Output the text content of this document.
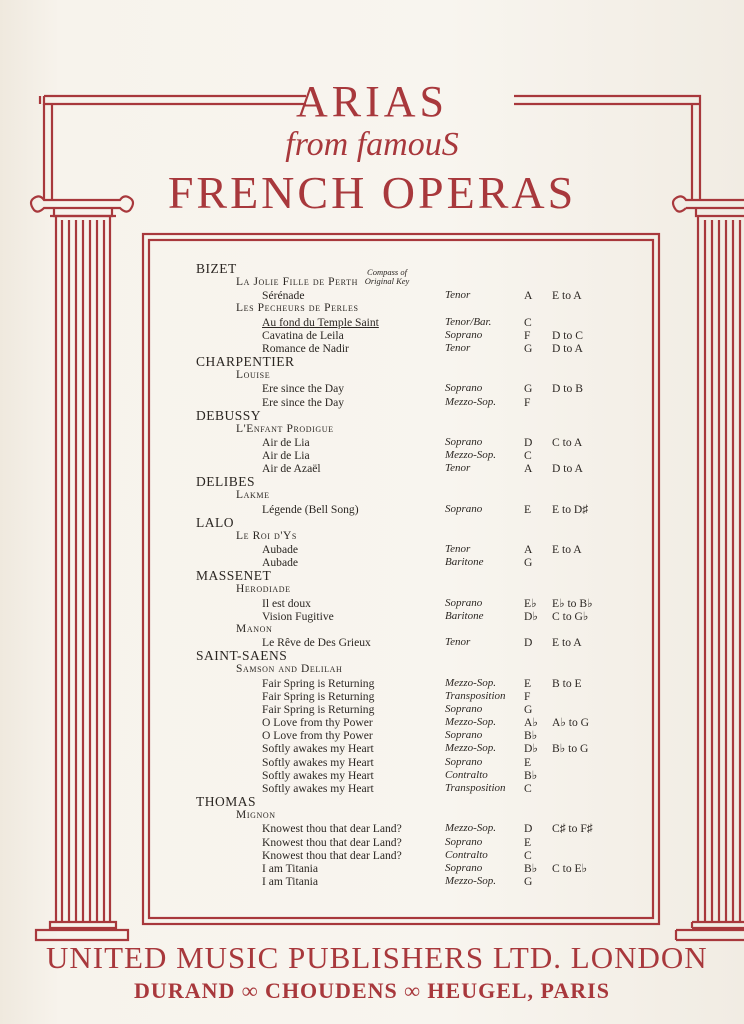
ARIAS
from famouS
FRENCH OPERAS
Compass of Original Key
BIZET
La Jolie Fille de Perth
Sérénade	Tenor	A E to A
Les Pecheurs de Perles
Au fond du Temple Saint	Tenor/Bar.	C
Cavatina de Leila	Soprano	F D to C
Romance de Nadir	Tenor	G D to A
CHARPENTIER
Louise
Ere since the Day	Soprano	G D to B
Ere since the Day	Mezzo-Sop. F
DEBUSSY
L'Enfant Prodigue
Air de Lia	Soprano	D C to A
Air de Lia	Mezzo-Sop. C
Air de Azaël	Tenor	A D to A
DELIBES
Lakme
Légende (Bell Song)	Soprano	E E to D♯
LALO
Le Roi d'Ys
Aubade	Tenor	A E to A
Aubade	Baritone	G
MASSENET
Herodiade
Il est doux	Soprano	E♭ E♭ to B♭
Vision Fugitive	Baritone	D♭ C to G♭
Manon
Le Rêve de Des Grieux	Tenor	D E to A
SAINT-SAENS
Samson and Delilah
Fair Spring is Returning	Mezzo-Sop. E B to E
Fair Spring is Returning	Transposition F
Fair Spring is Returning	Soprano	G
O Love from thy Power	Mezzo-Sop. A♭ A♭ to G
O Love from thy Power	Soprano	B♭
Softly awakes my Heart	Mezzo-Sop. D♭ B♭ to G
Softly awakes my Heart	Soprano	E
Softly awakes my Heart	Contralto	B♭
Softly awakes my Heart	Transposition C
THOMAS
Mignon
Knowest thou that dear Land?	Mezzo-Sop. D C♯ to F♯
Knowest thou that dear Land?	Soprano	E
Knowest thou that dear Land?	Contralto	C
I am Titania	Soprano	B♭ C to E♭
I am Titania	Mezzo-Sop. G
UNITED MUSIC PUBLISHERS LTD. LONDON
DURAND ∞ CHOUDENS ∞ HEUGEL, PARIS
